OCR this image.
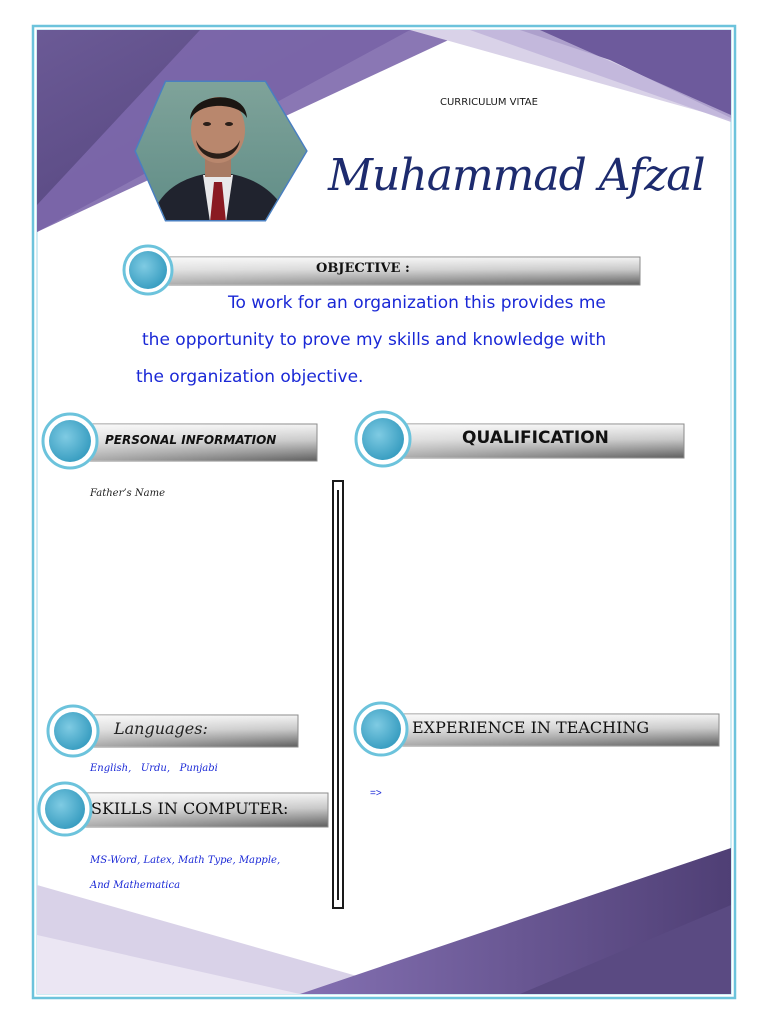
CURRICULUM VITAE
Muhammad Afzal
OBJECTIVE :
To work for an organization this provides me
the opportunity to prove my skills and knowledge with
the organization objective.
PERSONAL INFORMATION	QUALIFICATION
Father’s Name
Languages:
English,   Urdu,   Punjabi
EXPERIENCE IN TEACHING
=>
SKILLS IN COMPUTER:
MS-Word, Latex, Math Type, Mapple,
And Mathematica
